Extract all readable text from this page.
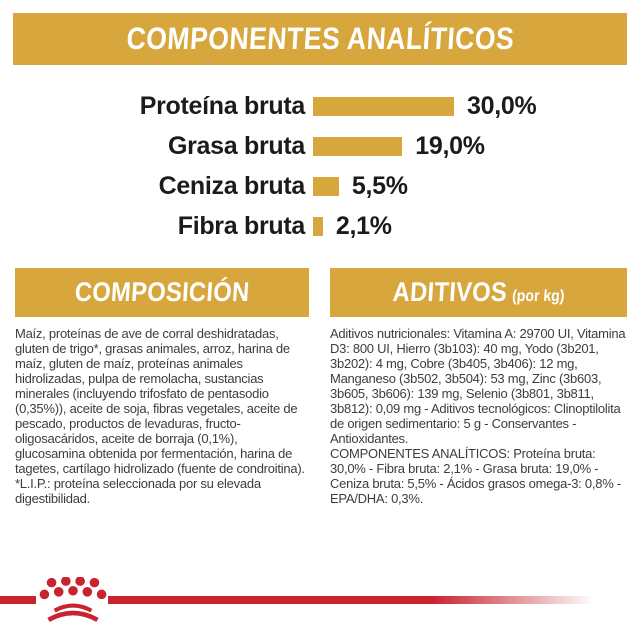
COMPONENTES ANALÍTICOS
Proteína bruta	30,0%
Grasa bruta	19,0%
Ceniza bruta 5,5%
Fibra bruta 2,1%
COMPOSICIÓN

Maíz, proteínas de ave de corral deshidratadas, gluten de trigo*, grasas animales, arroz, harina de maíz, gluten de maíz, proteínas animales hidrolizadas, pulpa de remolacha, sustancias minerales (incluyendo trifosfato de pentasodio (0,35%)), aceite de soja, fibras vegetales, aceite de pescado, productos de levaduras, fructo-oligosacáridos, aceite de borraja (0,1%), glucosamina obtenida por fermentación, harina de tagetes, cartílago hidrolizado (fuente de condroitina). *L.I.P.: proteína seleccionada por su elevada digestibilidad.

ADITIVOS (por kg)

Aditivos nutricionales: Vitamina A: 29700 UI, Vitamina D3: 800 UI, Hierro (3b103): 40 mg, Yodo (3b201, 3b202): 4 mg, Cobre (3b405, 3b406): 12 mg, Manganeso (3b502, 3b504): 53 mg, Zinc (3b603, 3b605, 3b606): 139 mg, Selenio (3b801, 3b811, 3b812): 0,09 mg - Aditivos tecnológicos: Clinoptilolita de origen sedimentario: 5 g - Conservantes - Antioxidantes.

COMPONENTES ANALÍTICOS: Proteína bruta: 30,0% - Fibra bruta: 2,1% - Grasa bruta: 19,0% - Ceniza bruta: 5,5% - Ácidos grasos omega-3: 0,8% - EPA/DHA: 0,3%.
